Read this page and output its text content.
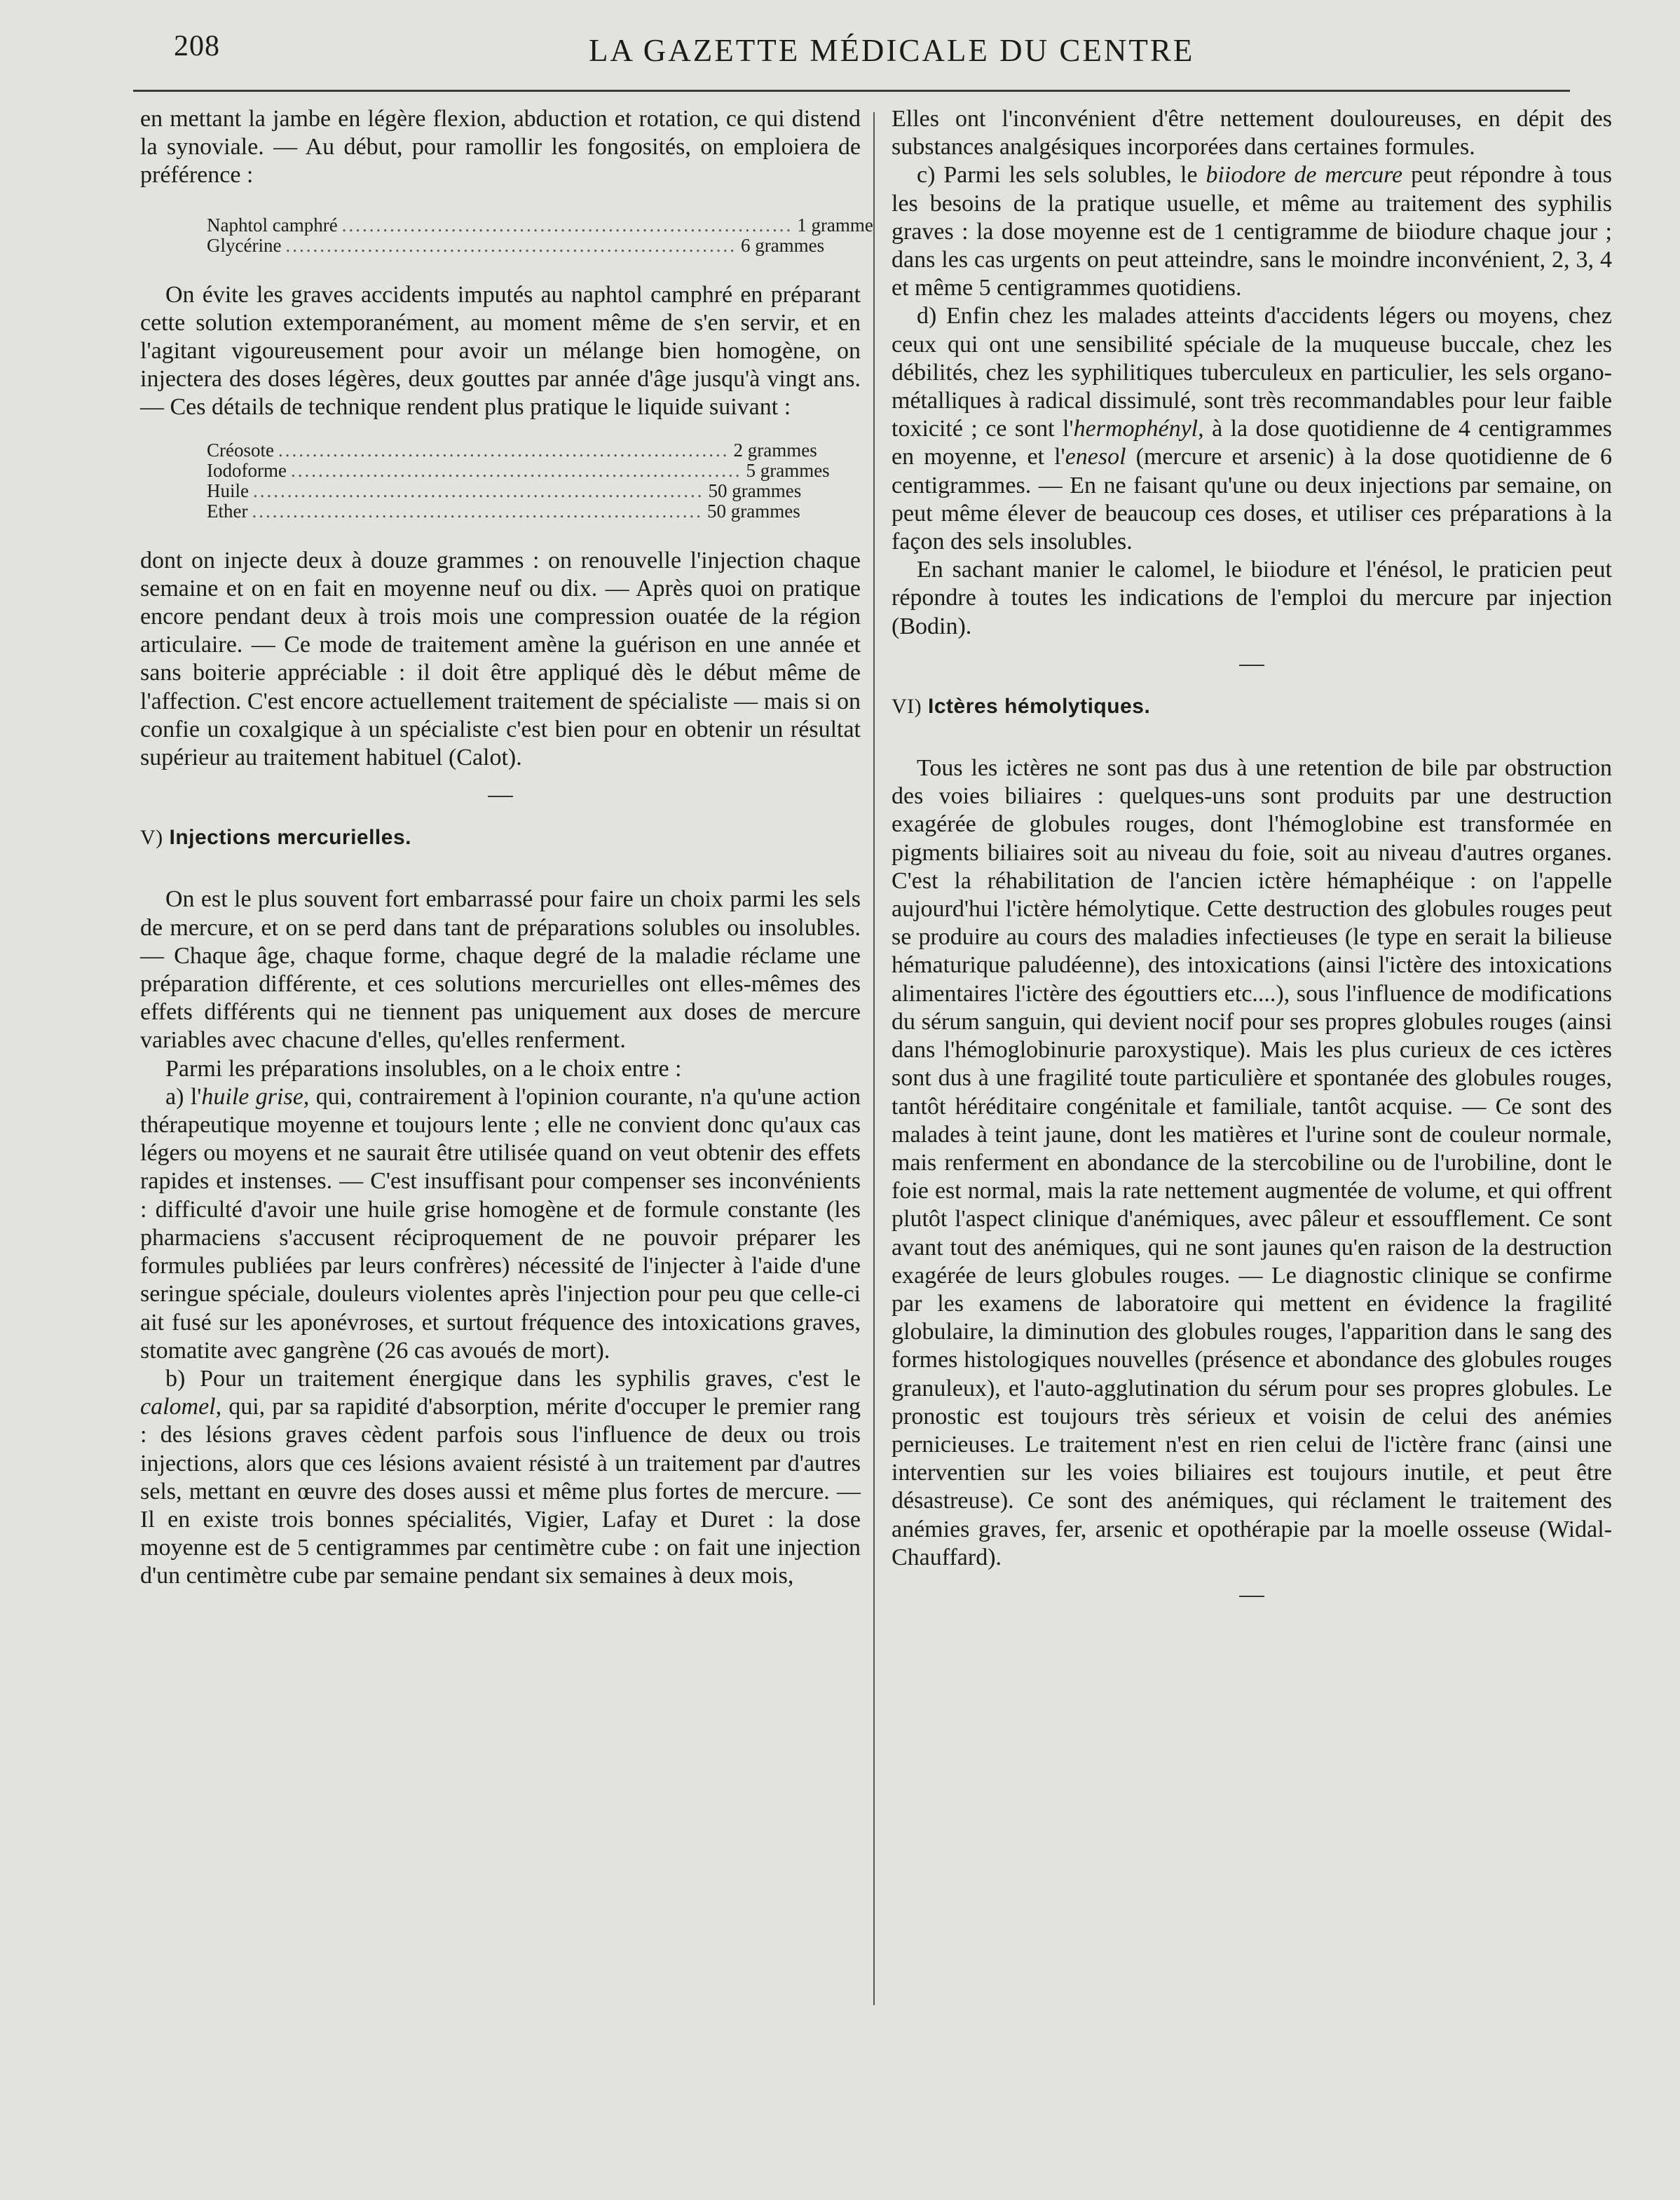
208	LA GAZETTE MÉDICALE DU CENTRE

en mettant la jambe en légère flexion, abduction et rotation, ce qui distend la synoviale. — Au début, pour ramollir les fongosités, on emploiera de préférence :

Naphtol camphré .................................................................. 1 gramme
Glycérine .................................................................. 6 grammes

On évite les graves accidents imputés au naphtol camphré en préparant cette solution extemporanément, au moment même de s'en servir, et en l'agitant vigoureusement pour avoir un mélange bien homogène, on injectera des doses légères, deux gouttes par année d'âge jusqu'à vingt ans. — Ces détails de technique rendent plus pratique le liquide suivant :

Créosote .................................................................. 2 grammes
Iodoforme .................................................................. 5 grammes
Huile .................................................................. 50 grammes
Ether .................................................................. 50 grammes

dont on injecte deux à douze grammes : on renouvelle l'injection chaque semaine et on en fait en moyenne neuf ou dix. — Après quoi on pratique encore pendant deux à trois mois une compression ouatée de la région articulaire. — Ce mode de traitement amène la guérison en une année et sans boiterie appréciable : il doit être appliqué dès le début même de l'affection. C'est encore actuellement traitement de spécialiste — mais si on confie un coxalgique à un spécialiste c'est bien pour en obtenir un résultat supérieur au traitement habituel (Calot).

V) Injections mercurielles.

On est le plus souvent fort embarrassé pour faire un choix parmi les sels de mercure, et on se perd dans tant de préparations solubles ou insolubles. — Chaque âge, chaque forme, chaque degré de la maladie réclame une préparation différente, et ces solutions mercurielles ont elles-mêmes des effets différents qui ne tiennent pas uniquement aux doses de mercure variables avec chacune d'elles, qu'elles renferment.

Parmi les préparations insolubles, on a le choix entre :

a) l'huile grise, qui, contrairement à l'opinion courante, n'a qu'une action thérapeutique moyenne et toujours lente ; elle ne convient donc qu'aux cas légers ou moyens et ne saurait être utilisée quand on veut obtenir des effets rapides et instenses. — C'est insuffisant pour compenser ses inconvénients : difficulté d'avoir une huile grise homogène et de formule constante (les pharmaciens s'accusent réciproquement de ne pouvoir préparer les formules publiées par leurs confrères) nécessité de l'injecter à l'aide d'une seringue spéciale, douleurs violentes après l'injection pour peu que celle-ci ait fusé sur les aponévroses, et surtout fréquence des intoxications graves, stomatite avec gangrène (26 cas avoués de mort).

b) Pour un traitement énergique dans les syphilis graves, c'est le calomel, qui, par sa rapidité d'absorption, mérite d'occuper le premier rang : des lésions graves cèdent parfois sous l'influence de deux ou trois injections, alors que ces lésions avaient résisté à un traitement par d'autres sels, mettant en œuvre des doses aussi et même plus fortes de mercure. — Il en existe trois bonnes spécialités, Vigier, Lafay et Duret : la dose moyenne est de 5 centigrammes par centimètre cube : on fait une injection d'un centimètre cube par semaine pendant six semaines à deux mois,

Elles ont l'inconvénient d'être nettement douloureuses, en dépit des substances analgésiques incorporées dans certaines formules.

c) Parmi les sels solubles, le biiodore de mercure peut répondre à tous les besoins de la pratique usuelle, et même au traitement des syphilis graves : la dose moyenne est de 1 centigramme de biiodure chaque jour ; dans les cas urgents on peut atteindre, sans le moindre inconvénient, 2, 3, 4 et même 5 centigrammes quotidiens.

d) Enfin chez les malades atteints d'accidents légers ou moyens, chez ceux qui ont une sensibilité spéciale de la muqueuse buccale, chez les débilités, chez les syphilitiques tuberculeux en particulier, les sels organo-métalliques à radical dissimulé, sont très recommandables pour leur faible toxicité ; ce sont l'hermophényl, à la dose quotidienne de 4 centigrammes en moyenne, et l'enesol (mercure et arsenic) à la dose quotidienne de 6 centigrammes. — En ne faisant qu'une ou deux injections par semaine, on peut même élever de beaucoup ces doses, et utiliser ces préparations à la façon des sels insolubles.

En sachant manier le calomel, le biiodure et l'énésol, le praticien peut répondre à toutes les indications de l'emploi du mercure par injection (Bodin).

VI) Ictères hémolytiques.

Tous les ictères ne sont pas dus à une retention de bile par obstruction des voies biliaires : quelques-uns sont produits par une destruction exagérée de globules rouges, dont l'hémoglobine est transformée en pigments biliaires soit au niveau du foie, soit au niveau d'autres organes. C'est la réhabilitation de l'ancien ictère hémaphéique : on l'appelle aujourd'hui l'ictère hémolytique. Cette destruction des globules rouges peut se produire au cours des maladies infectieuses (le type en serait la bilieuse hématurique paludéenne), des intoxications (ainsi l'ictère des intoxications alimentaires l'ictère des égouttiers etc....), sous l'influence de modifications du sérum sanguin, qui devient nocif pour ses propres globules rouges (ainsi dans l'hémoglobinurie paroxystique). Mais les plus curieux de ces ictères sont dus à une fragilité toute particulière et spontanée des globules rouges, tantôt héréditaire congénitale et familiale, tantôt acquise. — Ce sont des malades à teint jaune, dont les matières et l'urine sont de couleur normale, mais renferment en abondance de la stercobiline ou de l'urobiline, dont le foie est normal, mais la rate nettement augmentée de volume, et qui offrent plutôt l'aspect clinique d'anémiques, avec pâleur et essoufflement. Ce sont avant tout des anémiques, qui ne sont jaunes qu'en raison de la destruction exagérée de leurs globules rouges. — Le diagnostic clinique se confirme par les examens de laboratoire qui mettent en évidence la fragilité globulaire, la diminution des globules rouges, l'apparition dans le sang des formes histologiques nouvelles (présence et abondance des globules rouges granuleux), et l'auto-agglutination du sérum pour ses propres globules. Le pronostic est toujours très sérieux et voisin de celui des anémies pernicieuses. Le traitement n'est en rien celui de l'ictère franc (ainsi une interventien sur les voies biliaires est toujours inutile, et peut être désastreuse). Ce sont des anémiques, qui réclament le traitement des anémies graves, fer, arsenic et opothérapie par la moelle osseuse (Widal-Chauffard).
